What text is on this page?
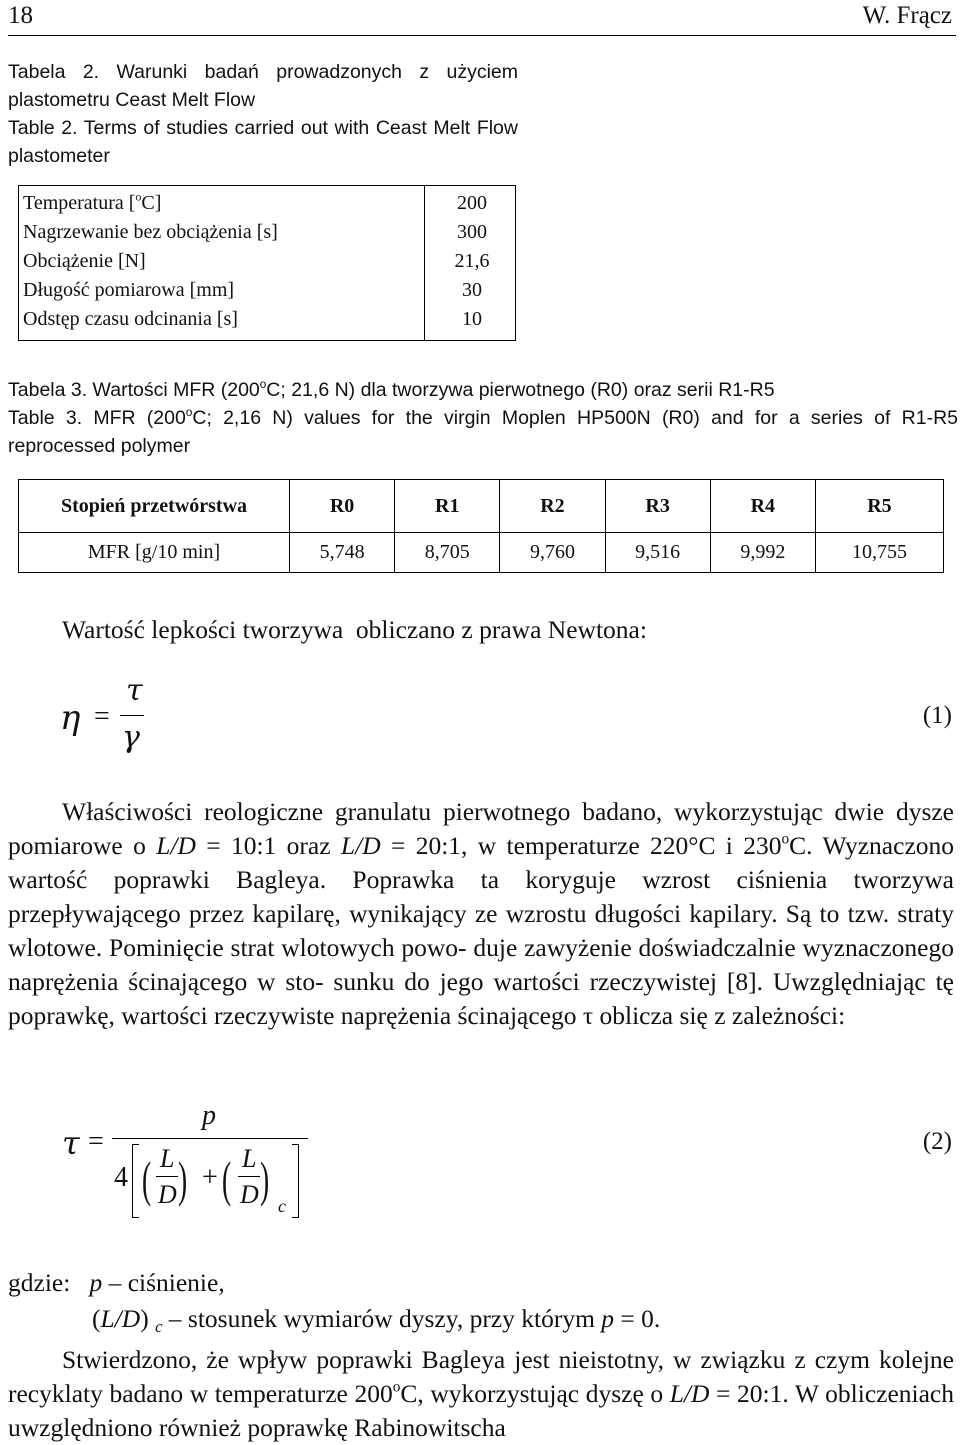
18	W. Frącz

Tabela 2. Warunki badań prowadzonych z użyciem plastometru Ceast Melt Flow

Table 2. Terms of studies carried out with Ceast Melt Flow plastometer

Temperatura [$^o$C]	200
Nagrzewanie bez obciążenia [s]	300
Obciążenie [N]	21,6
Długość pomiarowa [mm]	30
Odstęp czasu odcinania [s]	10

Tabela 3. Wartości MFR (200$^o$C; 21,6 N) dla tworzywa pierwotnego (R0) oraz serii R1-R5

Table 3. MFR (200$^o$C; 2,16 N) values for the virgin Moplen HP500N (R0) and for a series of R1-R5 reprocessed polymer

Stopień przetwórstwa	R0	R1	R2	R3	R4	R5
MFR [g/10 min]	5,748	8,705	9,760	9,516	9,992	10,755
Wartość lepkości tworzywa  obliczano z prawa Newtona:
η =
τ
γ
(1)
Właściwości reologiczne granulatu pierwotnego badano, wykorzystując dwie dysze pomiarowe o L/D = 10:1 oraz L/D = 20:1, w temperaturze 220°C i 230$^o$C. Wyznaczono wartość poprawki Bagleya. Poprawka ta koryguje wzrost ciśnienia tworzywa przepływającego przez kapilarę, wynikający ze wzrostu długości kapilary. Są to tzw. straty wlotowe. Pominięcie strat wlotowych powo- duje zawyżenie doświadczalnie wyznaczonego naprężenia ścinającego w sto- sunku do jego wartości rzeczywistej [8]. Uwzględniając tę poprawkę, wartości rzeczywiste naprężenia ścinającego τ oblicza się z zależności:
τ =
p
4 ( L
D ) + ( L
D ) c
(2)
gdzie: p – ciśnienie,
(L/D) $_c$ – stosunek wymiarów dyszy, przy którym p = 0.
Stwierdzono, że wpływ poprawki Bagleya jest nieistotny, w związku z czym kolejne recyklaty badano w temperaturze 200$^o$C, wykorzystując dyszę o L/D = 20:1. W obliczeniach uwzględniono również poprawkę Rabinowitscha
